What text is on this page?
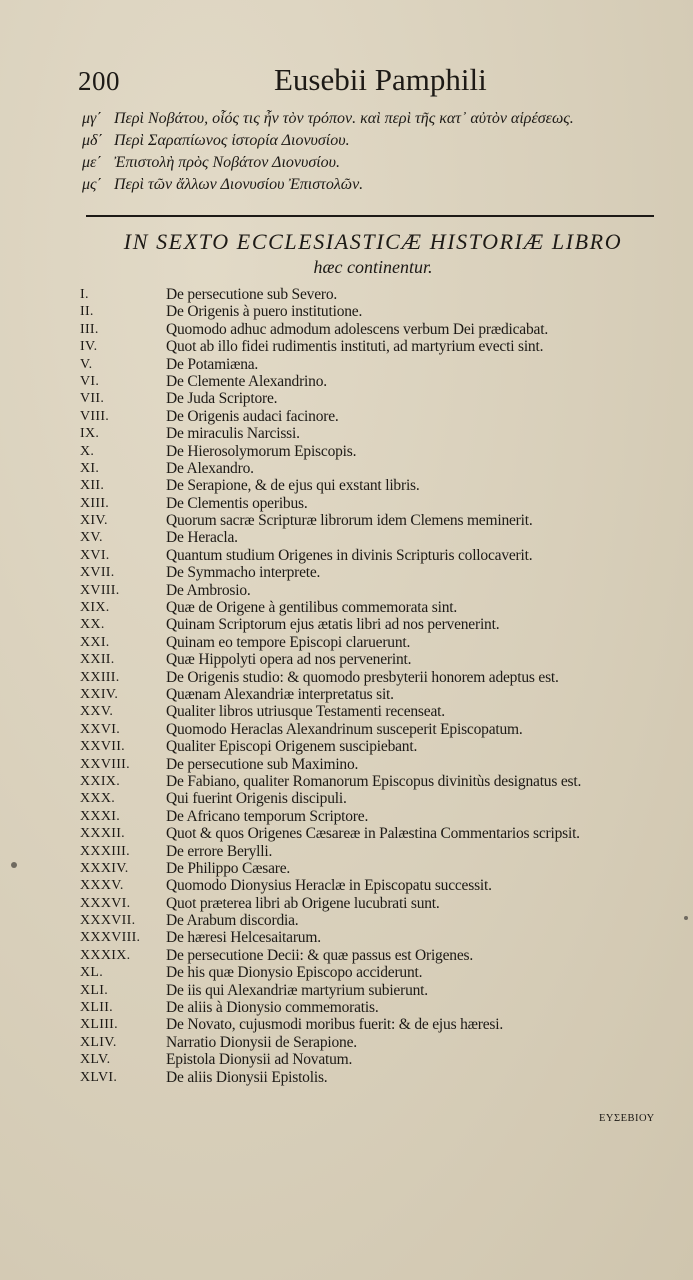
200	Eusebii Pamphili
μγ΄ Περὶ Νοβάτου, οἷός τις ἦν τὸν τρόπον. καὶ περὶ τῆς κατ᾽ αὐτὸν αἱρέσεως.
μδ΄ Περὶ Σαραπίωνος ἱστορία Διονυσίου.
με΄ Ἐπιστολὴ πρὸς Νοβάτον Διονυσίου.
μς΄ Περὶ τῶν ἄλλων Διονυσίου Ἐπιστολῶν.
IN SEXTO ECCLESIASTICÆ HISTORIÆ LIBRO
hæc continentur.
I.	De persecutione sub Severo.
II.	De Origenis à puero institutione.
III.	Quomodo adhuc admodum adolescens verbum Dei prædicabat.
IV.	Quot ab illo fidei rudimentis instituti, ad martyrium evecti sint.
V.	De Potamiæna.
VI.	De Clemente Alexandrino.
VII.	De Juda Scriptore.
VIII.	De Origenis audaci facinore.
IX.	De miraculis Narcissi.
X.	De Hierosolymorum Episcopis.
XI.	De Alexandro.
XII.	De Serapione, & de ejus qui exstant libris.
XIII.	De Clementis operibus.
XIV.	Quorum sacræ Scripturæ librorum idem Clemens meminerit.
XV.	De Heracla.
XVI.	Quantum studium Origenes in divinis Scripturis collocaverit.
XVII.	De Symmacho interprete.
XVIII.	De Ambrosio.
XIX.	Quæ de Origene à gentilibus commemorata sint.
XX.	Quinam Scriptorum ejus ætatis libri ad nos pervenerint.
XXI.	Quinam eo tempore Episcopi claruerunt.
XXII.	Quæ Hippolyti opera ad nos pervenerint.
XXIII.	De Origenis studio: & quomodo presbyterii honorem adeptus est.
XXIV.	Quænam Alexandriæ interpretatus sit.
XXV.	Qualiter libros utriusque Testamenti recenseat.
XXVI.	Quomodo Heraclas Alexandrinum susceperit Episcopatum.
XXVII.	Qualiter Episcopi Origenem suscipiebant.
XXVIII. De persecutione sub Maximino.
XXIX.	De Fabiano, qualiter Romanorum Episcopus divinitùs designatus est.
XXX.	Qui fuerint Origenis discipuli.
XXXI.	De Africano temporum Scriptore.
XXXII.	Quot & quos Origenes Cæsareæ in Palæstina Commentarios scripsit.
XXXIII. De errore Berylli.
XXXIV. De Philippo Cæsare.
XXXV.	Quomodo Dionysius Heraclæ in Episcopatu successit.
XXXVI. Quot præterea libri ab Origene lucubrati sunt.
XXXVII. De Arabum discordia.
XXXVIII. De hæresi Helcesaitarum.
XXXIX. De persecutione Decii: & quæ passus est Origenes.
XL.	De his quæ Dionysio Episcopo acciderunt.
XLI.	De iis qui Alexandriæ martyrium subierunt.
XLII.	De aliis à Dionysio commemoratis.
XLIII.	De Novato, cujusmodi moribus fuerit: & de ejus hæresi.
XLIV.	Narratio Dionysii de Serapione.
XLV.	Epistola Dionysii ad Novatum.
XLVI.	De aliis Dionysii Epistolis.
ΕΥΣΕΒΙΟΥ
